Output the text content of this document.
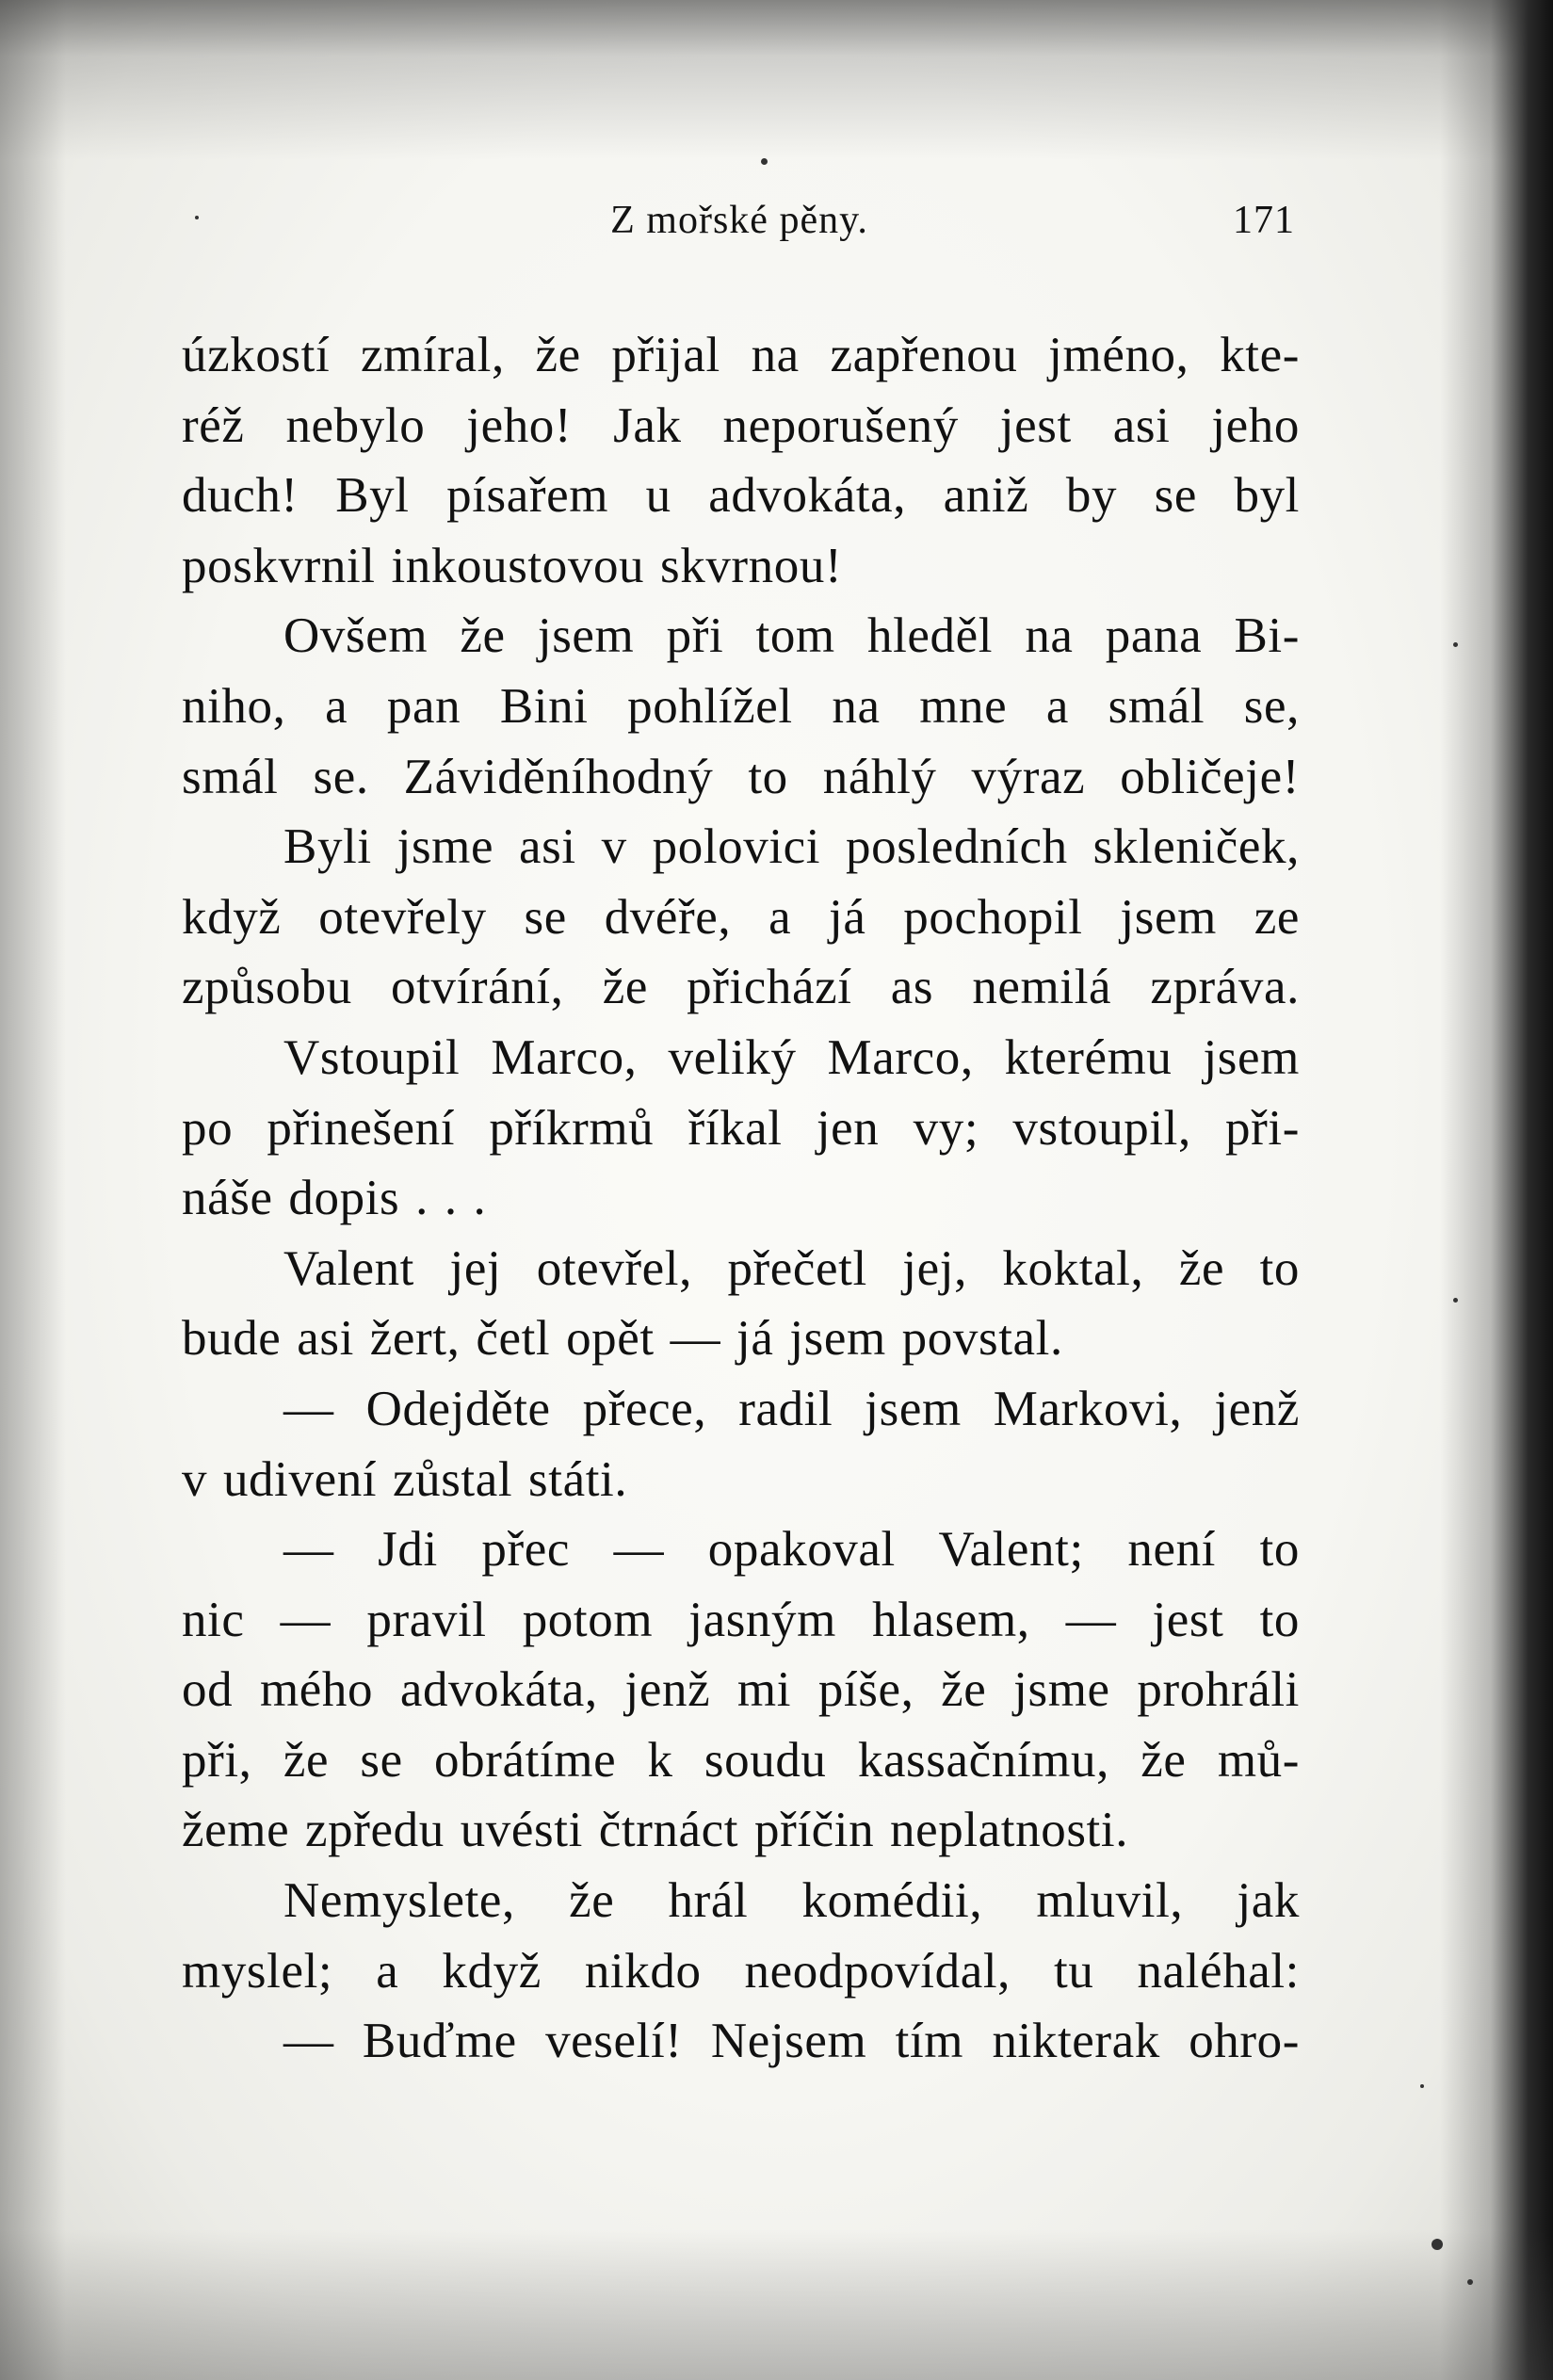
Z mořské pěny.	171
úzkostí zmíral, že přijal na zapřenou jméno, kte-
réž nebylo jeho! Jak neporušený jest asi jeho
duch! Byl písařem u advokáta, aniž by se byl
poskvrnil inkoustovou skvrnou!
Ovšem že jsem při tom hleděl na pana Bi-
niho, a pan Bini pohlížel na mne a smál se,
smál se. Záviděníhodný to náhlý výraz obličeje!
Byli jsme asi v polovici posledních skleniček,
když otevřely se dvéře, a já pochopil jsem ze
způsobu otvírání, že přichází as nemilá zpráva.
Vstoupil Marco, veliký Marco, kterému jsem
po přinešení příkrmů říkal jen vy; vstoupil, při-
náše dopis . . .
Valent jej otevřel, přečetl jej, koktal, že to
bude asi žert, četl opět — já jsem povstal.
— Odejděte přece, radil jsem Markovi, jenž
v udivení zůstal státi.
— Jdi přec — opakoval Valent; není to
nic — pravil potom jasným hlasem, — jest to
od mého advokáta, jenž mi píše, že jsme prohráli
při, že se obrátíme k soudu kassačnímu, že mů-
žeme zpředu uvésti čtrnáct příčin neplatnosti.
Nemyslete, že hrál komédii, mluvil, jak
myslel; a když nikdo neodpovídal, tu naléhal:
— Buďme veselí! Nejsem tím nikterak ohro-
